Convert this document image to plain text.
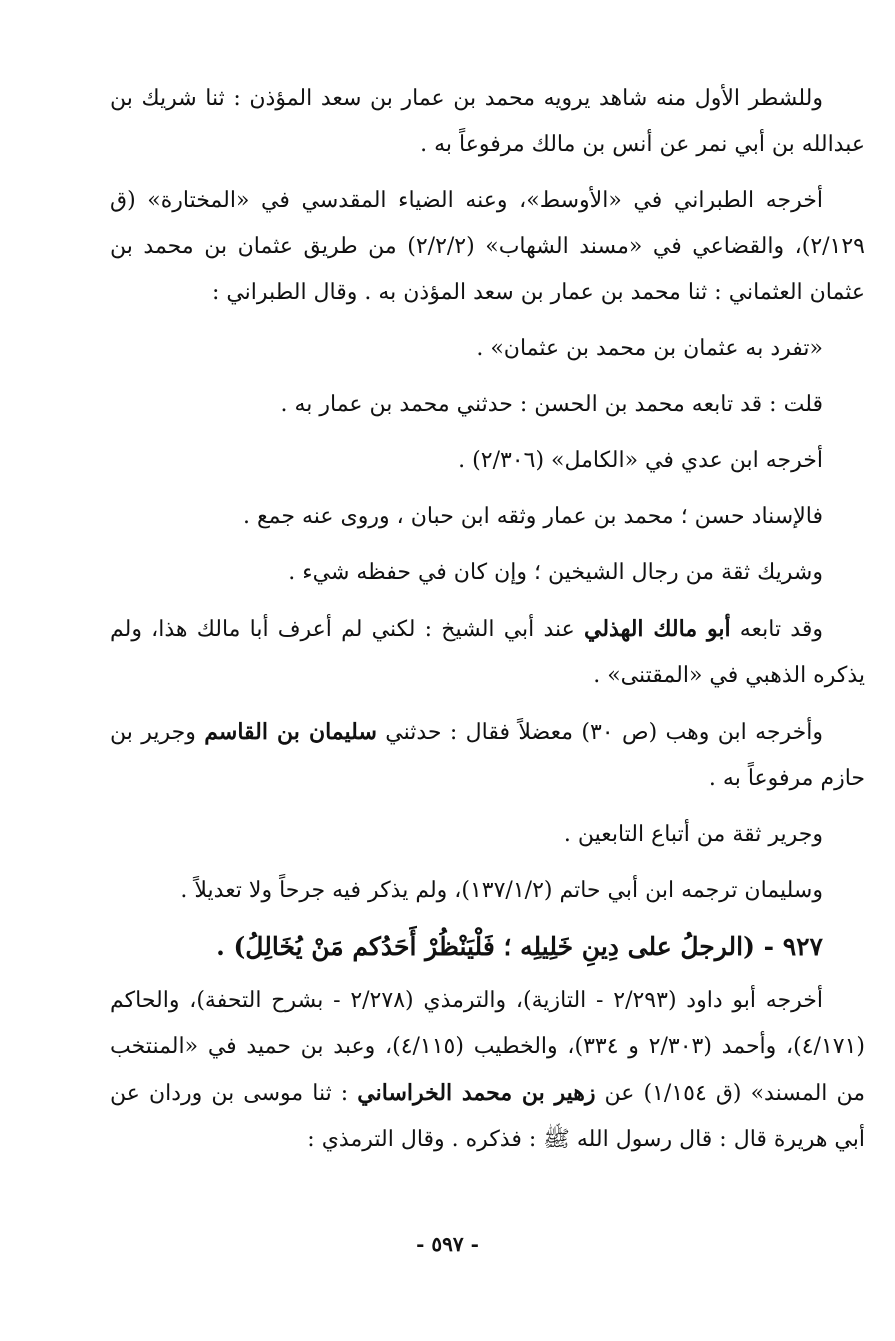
وللشطر الأول منه شاهد يرويه محمد بن عمار بن سعد المؤذن : ثنا شريك بن عبدالله بن أبي نمر عن أنس بن مالك مرفوعاً به .

أخرجه الطبراني في «الأوسط»، وعنه الضياء المقدسي في «المختارة» (ق ٢/١٢٩)، والقضاعي في «مسند الشهاب» (٢/٢/٢) من طريق عثمان بن محمد بن عثمان العثماني : ثنا محمد بن عمار بن سعد المؤذن به . وقال الطبراني :

«تفرد به عثمان بن محمد بن عثمان» .

قلت : قد تابعه محمد بن الحسن : حدثني محمد بن عمار به .

أخرجه ابن عدي في «الكامل» (٢/٣٠٦) .

فالإسناد حسن ؛ محمد بن عمار وثقه ابن حبان ، وروى عنه جمع .

وشريك ثقة من رجال الشيخين ؛ وإن كان في حفظه شيء .

وقد تابعه أبو مالك الهذلي عند أبي الشيخ : لكني لم أعرف أبا مالك هذا، ولم يذكره الذهبي في «المقتنى» .

وأخرجه ابن وهب (ص ٣٠) معضلاً فقال : حدثني سليمان بن القاسم وجرير بن حازم مرفوعاً به .

وجرير ثقة من أتباع التابعين .

وسليمان ترجمه ابن أبي حاتم (١٣٧/١/٢)، ولم يذكر فيه جرحاً ولا تعديلاً .

٩٢٧ - (الرجلُ على دِينِ خَلِيلِه ؛ فَلْيَنْظُرْ أَحَدُكم مَنْ يُخَالِلُ) .

أخرجه أبو داود (٢/٢٩٣ - التازية)، والترمذي (٢/٢٧٨ - بشرح التحفة)، والحاكم (٤/١٧١)، وأحمد (٢/٣٠٣ و ٣٣٤)، والخطيب (٤/١١٥)، وعبد بن حميد في «المنتخب من المسند» (ق ١/١٥٤) عن زهير بن محمد الخراساني : ثنا موسى بن وردان عن أبي هريرة قال : قال رسول الله ﷺ : فذكره . وقال الترمذي :

- ٥٩٧ -
